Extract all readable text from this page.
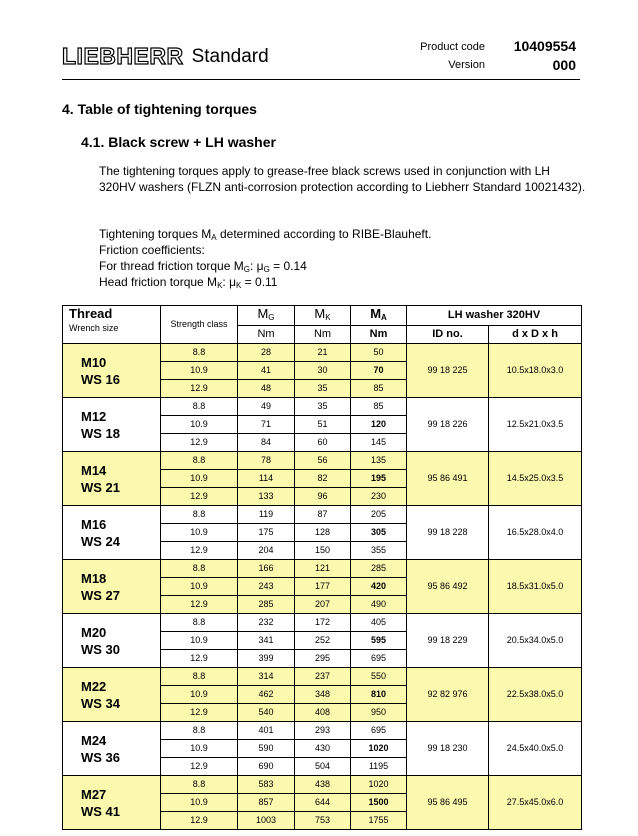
LIEBHERR Standard	Product code	10409554
Version	000
4. Table of tightening torques
4.1. Black screw + LH washer
The tightening torques apply to grease-free black screws used in conjunction with LH 320HV washers (FLZN anti-corrosion protection according to Liebherr Standard 10021432).
Tightening torques $M_A$ determined according to RIBE-Blauheft.
Friction coefficients:
For thread friction torque $M_G$: $\mu_G = 0.14$
Head friction torque $M_K$: $\mu_K = 0.11$
Thread
Wrench size	Strength class	$M_G$	$M_K$	$M_A$	LH washer 320HV	
		Nm	Nm	Nm	ID no.	d x D x h

M10
WS 16	8.8	28	21	50	99 18 225	10.5x18.0x3.0
	10.9	41	30	70		
	12.9	48	35	85		

M12
WS 18	8.8	49	35	85	99 18 226	12.5x21.0x3.5
	10.9	71	51	120		
	12.9	84	60	145		

M14
WS 21	8.8	78	56	135	95 86 491	14.5x25.0x3.5
	10.9	114	82	195		
	12.9	133	96	230		

M16
WS 24	8.8	119	87	205	99 18 228	16.5x28.0x4.0
	10.9	175	128	305		
	12.9	204	150	355		

M18
WS 27	8.8	166	121	285	95 86 492	18.5x31.0x5.0
	10.9	243	177	420		
	12.9	285	207	490		

M20
WS 30	8.8	232	172	405	99 18 229	20.5x34.0x5.0
	10.9	341	252	595		
	12.9	399	295	695		

M22
WS 34	8.8	314	237	550	92 82 976	22.5x38.0x5.0
	10.9	462	348	810		
	12.9	540	408	950		

M24
WS 36	8.8	401	293	695	99 18 230	24.5x40.0x5.0
	10.9	590	430	1020		
	12.9	690	504	1195		

M27
WS 41	8.8	583	438	1020	95 86 495	27.5x45.0x6.0
	10.9	857	644	1500		
	12.9	1003	753	1755		
